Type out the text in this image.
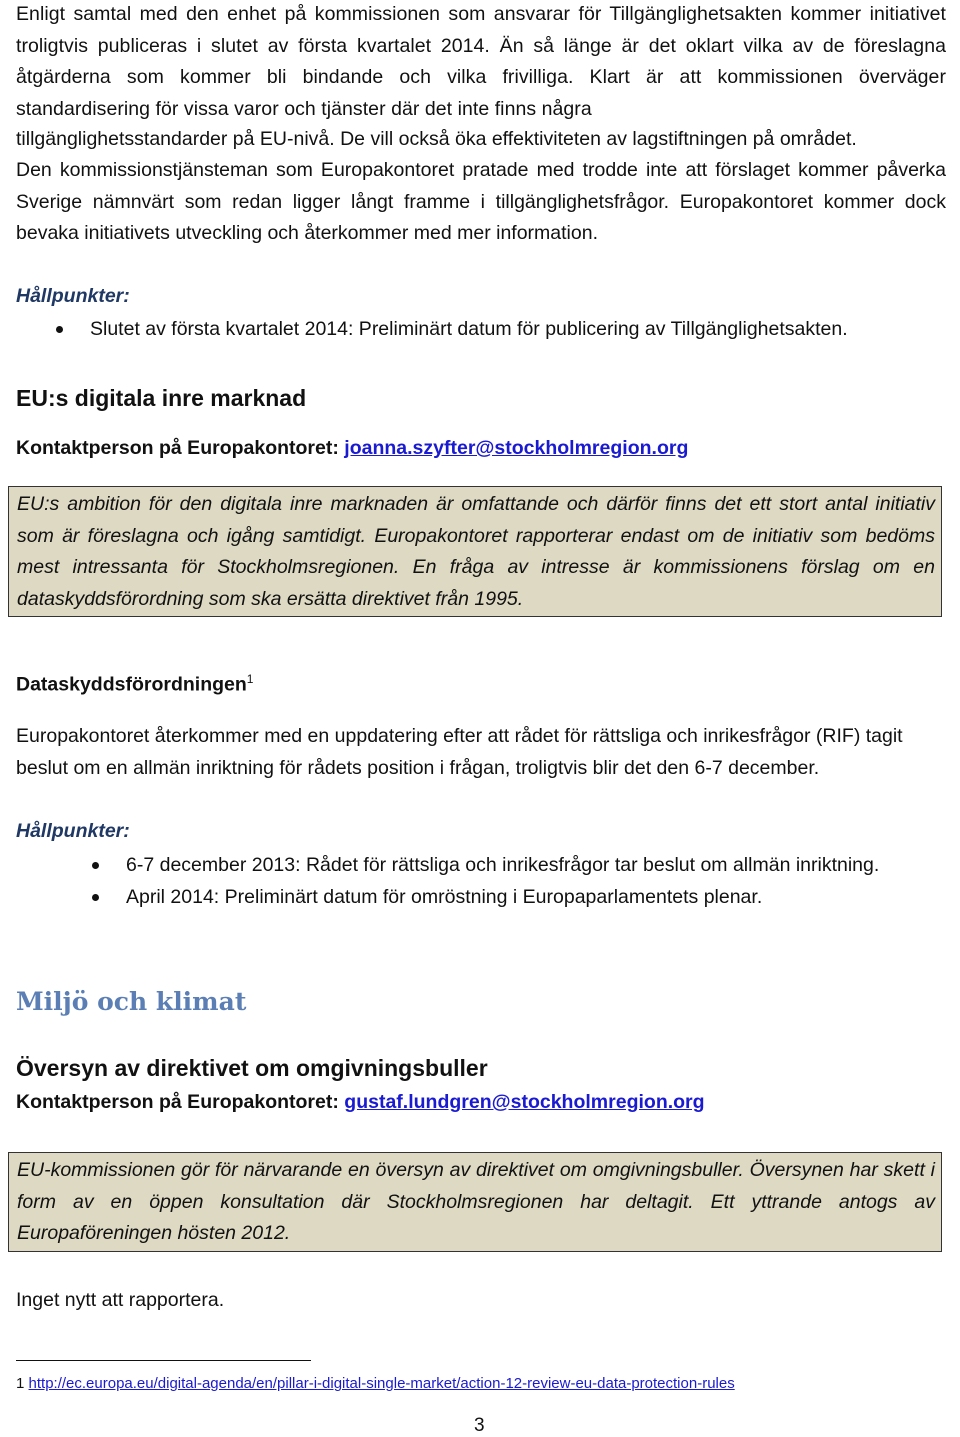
Enligt samtal med den enhet på kommissionen som ansvarar för Tillgänglighetsakten kommer initiativet troligtvis publiceras i slutet av första kvartalet 2014. Än så länge är det oklart vilka av de föreslagna åtgärderna som kommer bli bindande och vilka frivilliga. Klart är att kommissionen överväger standardisering för vissa varor och tjänster där det inte finns några

tillgänglighetsstandarder på EU-nivå. De vill också öka effektiviteten av lagstiftningen på området.

Den kommissionstjänsteman som Europakontoret pratade med trodde inte att förslaget kommer påverka Sverige nämnvärt som redan ligger långt framme i tillgänglighetsfrågor. Europakontoret kommer dock bevaka initiativets utveckling och återkommer med mer information.

Hållpunkter:

Slutet av första kvartalet 2014: Preliminärt datum för publicering av Tillgänglighetsakten.
EU:s digitala inre marknad

Kontaktperson på Europakontoret: joanna.szyfter@stockholmregion.org

EU:s ambition för den digitala inre marknaden är omfattande och därför finns det ett stort antal initiativ som är föreslagna och igång samtidigt. Europakontoret rapporterar endast om de initiativ som bedöms mest intressanta för Stockholmsregionen. En fråga av intresse är kommissionens förslag om en dataskyddsförordning som ska ersätta direktivet från 1995.

Dataskyddsförordningen$^1$

Europakontoret återkommer med en uppdatering efter att rådet för rättsliga och inrikesfrågor (RIF) tagit beslut om en allmän inriktning för rådets position i frågan, troligtvis blir det den 6-7 december.

Hållpunkter:

6-7 december 2013: Rådet för rättsliga och inrikesfrågor tar beslut om allmän inriktning.
April 2014: Preliminärt datum för omröstning i Europaparlamentets plenar.
Miljö och klimat
Översyn av direktivet om omgivningsbuller

Kontaktperson på Europakontoret: gustaf.lundgren@stockholmregion.org

EU-kommissionen gör för närvarande en översyn av direktivet om omgivningsbuller. Översynen har skett i form av en öppen konsultation där Stockholmsregionen har deltagit. Ett yttrande antogs av Europaföreningen hösten 2012.

Inget nytt att rapportera.

1 http://ec.europa.eu/digital-agenda/en/pillar-i-digital-single-market/action-12-review-eu-data-protection-rules

3
